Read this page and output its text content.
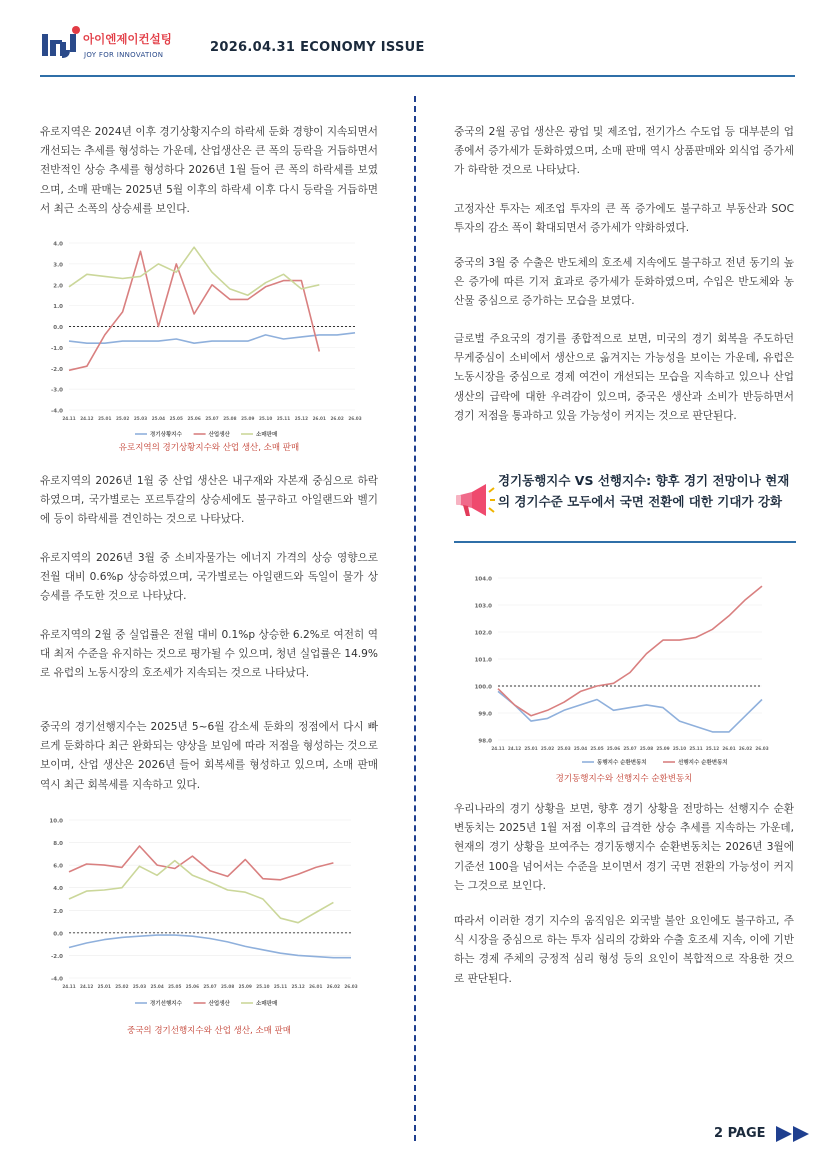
아이엔제이컨설팅
JOY FOR INNOVATION	2026.04.31 ECONOMY ISSUE

유로지역은 2024년 이후 경기상황지수의 하락세 둔화 경향이 지속되면서 개선되는 추세를 형성하는 가운데, 산업생산은 큰 폭의 등락을 거듭하면서 전반적인 상승 추세를 형성하다 2026년 1월 들어 큰 폭의 하락세를 보였으며, 소매 판매는 2025년 5월 이후의 하락세 이후 다시 등락을 거듭하면서 최근 소폭의 상승세를 보인다.

4.0
3.0
2.0
1.0
0.0
-1.0
-2.0
-3.0
-4.0
24.11 24.12 25.01 25.02 25.03 25.04 25.05 25.06 25.07 25.08 25.09 25.10 25.11 25.12 26.01 26.02 26.03
경기상황지수	산업생산	소매판매
유로지역의 경기상황지수와 산업 생산, 소매 판매

유로지역의 2026년 1월 중 산업 생산은 내구재와 자본재 중심으로 하락하였으며, 국가별로는 포르투갈의 상승세에도 불구하고 아일랜드와 벨기에 등이 하락세를 견인하는 것으로 나타났다.

유로지역의 2026년 3월 중 소비자물가는 에너지 가격의 상승 영향으로 전월 대비 0.6%p 상승하였으며, 국가별로는 아일랜드와 독일이 물가 상승세를 주도한 것으로 나타났다.

유로지역의 2월 중 실업률은 전월 대비 0.1%p 상승한 6.2%로 여전히 역대 최저 수준을 유지하는 것으로 평가될 수 있으며, 청년 실업률은 14.9%로 유럽의 노동시장의 호조세가 지속되는 것으로 나타났다.

중국의 경기선행지수는 2025년 5~6월 감소세 둔화의 정점에서 다시 빠르게 둔화하다 최근 완화되는 양상을 보임에 따라 저점을 형성하는 것으로 보이며, 산업 생산은 2026년 들어 회복세를 형성하고 있으며, 소매 판매 역시 최근 회복세를 지속하고 있다.

10.0
8.0
6.0
4.0
2.0
0.0
-2.0
-4.0
24.11 24.12 25.01 25.02 25.03 25.04 25.05 25.06 25.07 25.08 25.09 25.10 25.11 25.12 26.01 26.02 26.03
경기선행지수	산업생산	소매판매
중국의 경기선행지수와 산업 생산, 소매 판매

중국의 2월 공업 생산은 광업 및 제조업, 전기가스 수도업 등 대부분의 업종에서 증가세가 둔화하였으며, 소매 판매 역시 상품판매와 외식업 증가세가 하락한 것으로 나타났다.

고정자산 투자는 제조업 투자의 큰 폭 증가에도 불구하고 부동산과 SOC 투자의 감소 폭이 확대되면서 증가세가 약화하였다.

중국의 3월 중 수출은 반도체의 호조세 지속에도 불구하고 전년 동기의 높은 증가에 따른 기저 효과로 증가세가 둔화하였으며, 수입은 반도체와 농산물 중심으로 증가하는 모습을 보였다.

글로벌 주요국의 경기를 종합적으로 보면, 미국의 경기 회복을 주도하던 무게중심이 소비에서 생산으로 옮겨지는 가능성을 보이는 가운데, 유럽은 노동시장을 중심으로 경제 여건이 개선되는 모습을 지속하고 있으나 산업 생산의 급락에 대한 우려감이 있으며, 중국은 생산과 소비가 반등하면서 경기 저점을 통과하고 있을 가능성이 커지는 것으로 판단된다.

경기동행지수 VS 선행지수: 향후 경기 전망이나 현재의 경기수준 모두에서 국면 전환에 대한 기대가 강화
104.0
103.0
102.0
101.0
100.0
99.0
98.0
24.11 24.12 25.01 25.02 25.03 25.04 25.05 25.06 25.07 25.08 25.09 25.10 25.11 25.12 26.01 26.02 26.03
동행지수 순환변동치	선행지수 순환변동치
경기동행지수와 선행지수 순환변동치

우리나라의 경기 상황을 보면, 향후 경기 상황을 전망하는 선행지수 순환변동치는 2025년 1월 저점 이후의 급격한 상승 추세를 지속하는 가운데, 현재의 경기 상황을 보여주는 경기동행지수 순환변동치는 2026년 3월에 기준선 100을 넘어서는 수준을 보이면서 경기 국면 전환의 가능성이 커지는 그것으로 보인다.

따라서 이러한 경기 지수의 움직임은 외국발 불안 요인에도 불구하고, 주식 시장을 중심으로 하는 투자 심리의 강화와 수출 호조세 지속, 이에 기반하는 경제 주체의 긍정적 심리 형성 등의 요인이 복합적으로 작용한 것으로 판단된다.

2 PAGE
